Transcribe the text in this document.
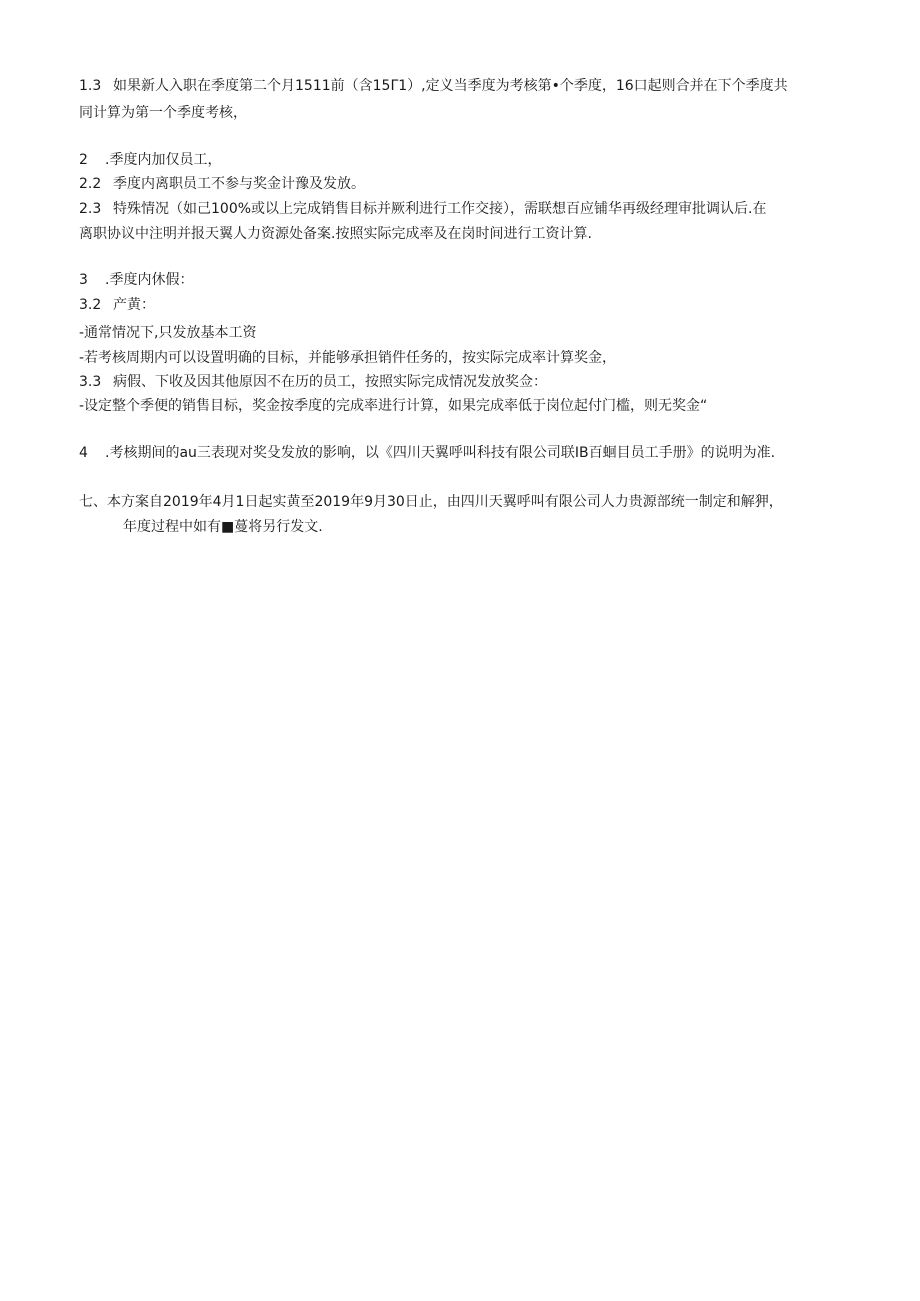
1.3 如果新人入职在季度第二个月1511前（含15Γ1）,定义当季度为考核第•个季度，16口起则合并在下个季度共
同计算为第一个季度考核，
2 .季度内加仅员工，
2.2 季度内离职员工不参与奖金计豫及发放。
2.3 特殊情况（如己100%或以上完成销售目标并厥利进行工作交接），需联想百应铺华再级经理审批调认后.在
离职协议中注明并报天翼人力资源处备案.按照实际完成率及在岗时间进行工资计算.
3 .季度内休假：
3.2 产黄：
-通常情况下,只发放基本工资
-若考核周期内可以设置明确的目标，并能够承担销件任务的，按实际完成率计算奖金，
3.3 病假、下收及因其他原因不在历的员工，按照实际完成情况发放奖佥：
-设定整个季便的销售目标，奖金按季度的完成率进行计算，如果完成率低于岗位起付门槛，则无奖金“
4 .考核期间的au三表现对奖殳发放的影响，以《四川天翼呼叫科技有限公司联IB百蛔目员工手册》的说明为准.
七、本方案自2019年4月1日起实黄至2019年9月30日止，由四川天翼呼叫有限公司人力贵源部统一制定和解狎，
年度过程中如有■蔓将另行发文.
